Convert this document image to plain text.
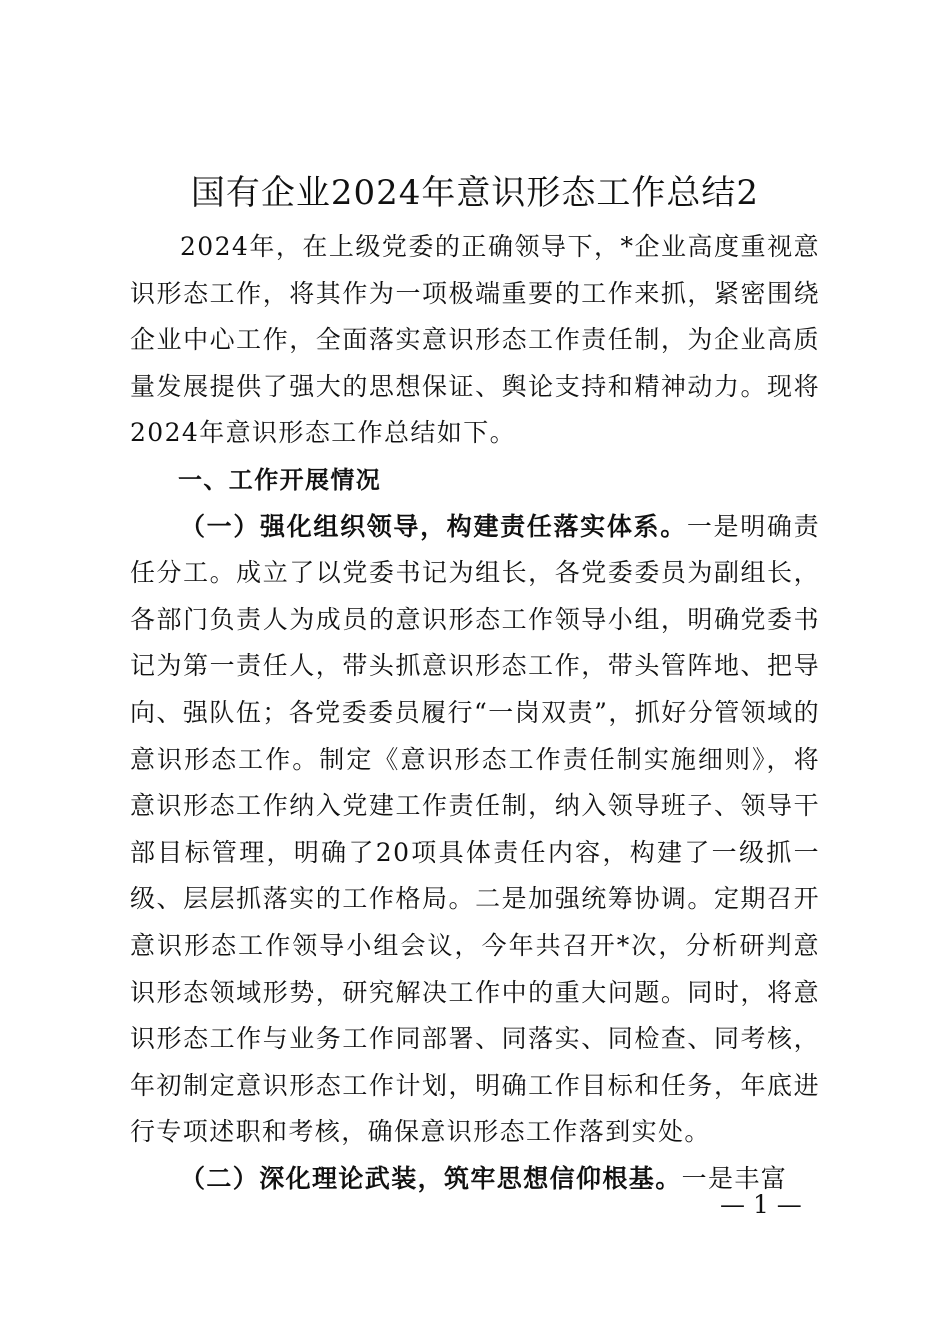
国有企业2024年意识形态工作总结2

2024年，在上级党委的正确领导下，*企业高度重视意识形态工作，将其作为一项极端重要的工作来抓，紧密围绕企业中心工作，全面落实意识形态工作责任制，为企业高质量发展提供了强大的思想保证、舆论支持和精神动力。现将2024年意识形态工作总结如下。

一、工作开展情况

（一）强化组织领导，构建责任落实体系。一是明确责任分工。成立了以党委书记为组长，各党委委员为副组长，各部门负责人为成员的意识形态工作领导小组，明确党委书记为第一责任人，带头抓意识形态工作，带头管阵地、把导向、强队伍；各党委委员履行“一岗双责”，抓好分管领域的意识形态工作。制定《意识形态工作责任制实施细则》，将意识形态工作纳入党建工作责任制，纳入领导班子、领导干部目标管理，明确了20项具体责任内容，构建了一级抓一级、层层抓落实的工作格局。二是加强统筹协调。定期召开意识形态工作领导小组会议，今年共召开*次，分析研判意识形态领域形势，研究解决工作中的重大问题。同时，将意识形态工作与业务工作同部署、同落实、同检查、同考核，年初制定意识形态工作计划，明确工作目标和任务，年底进行专项述职和考核，确保意识形态工作落到实处。

（二）深化理论武装，筑牢思想信仰根基。一是丰富

— 1 —
